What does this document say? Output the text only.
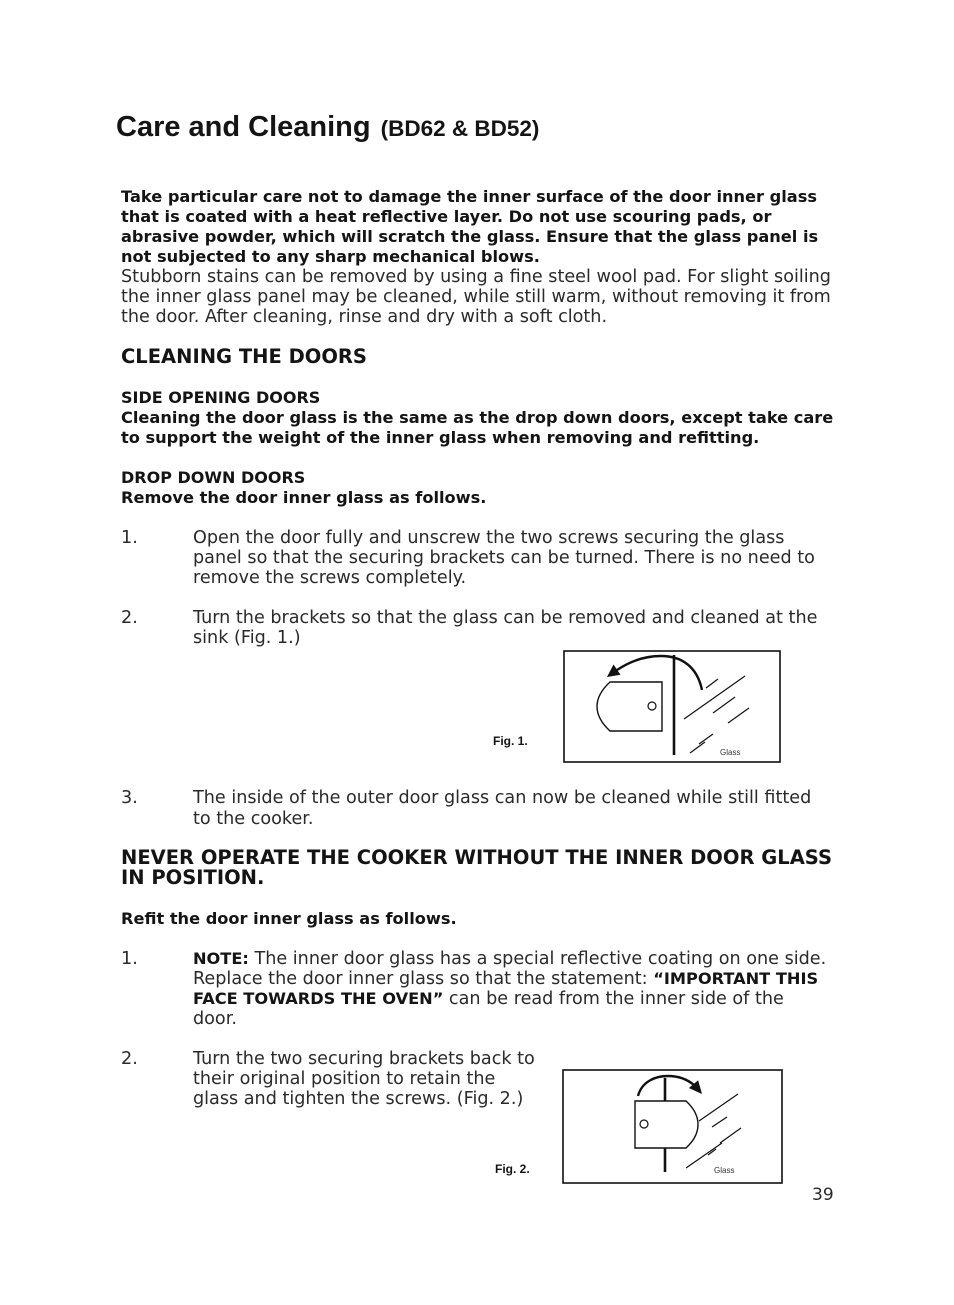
Care and Cleaning (BD62 & BD52)
Take particular care not to damage the inner surface of the door inner glass
that is coated with a heat reflective layer. Do not use scouring pads, or
abrasive powder, which will scratch the glass. Ensure that the glass panel is
not subjected to any sharp mechanical blows.
Stubborn stains can be removed by using a fine steel wool pad. For slight soiling
the inner glass panel may be cleaned, while still warm, without removing it from
the door. After cleaning, rinse and dry with a soft cloth.
CLEANING THE DOORS
SIDE OPENING DOORS
Cleaning the door glass is the same as the drop down doors, except take care
to support the weight of the inner glass when removing and refitting.
DROP DOWN DOORS
Remove the door inner glass as follows.
1.	Open the door fully and unscrew the two screws securing the glass
panel so that the securing brackets can be turned. There is no need to
remove the screws completely.
2.	Turn the brackets so that the glass can be removed and cleaned at the
sink (Fig. 1.)
Fig. 1.
Glass
3.	The inside of the outer door glass can now be cleaned while still fitted
to the cooker.
NEVER OPERATE THE COOKER WITHOUT THE INNER DOOR GLASS
IN POSITION.
Refit the door inner glass as follows.
1.	NOTE: The inner door glass has a special reflective coating on one side.
Replace the door inner glass so that the statement: “IMPORTANT THIS
FACE TOWARDS THE OVEN” can be read from the inner side of the
door.
2.	Turn the two securing brackets back to
their original position to retain the
glass and tighten the screws. (Fig. 2.)
Fig. 2.	Glass
39
